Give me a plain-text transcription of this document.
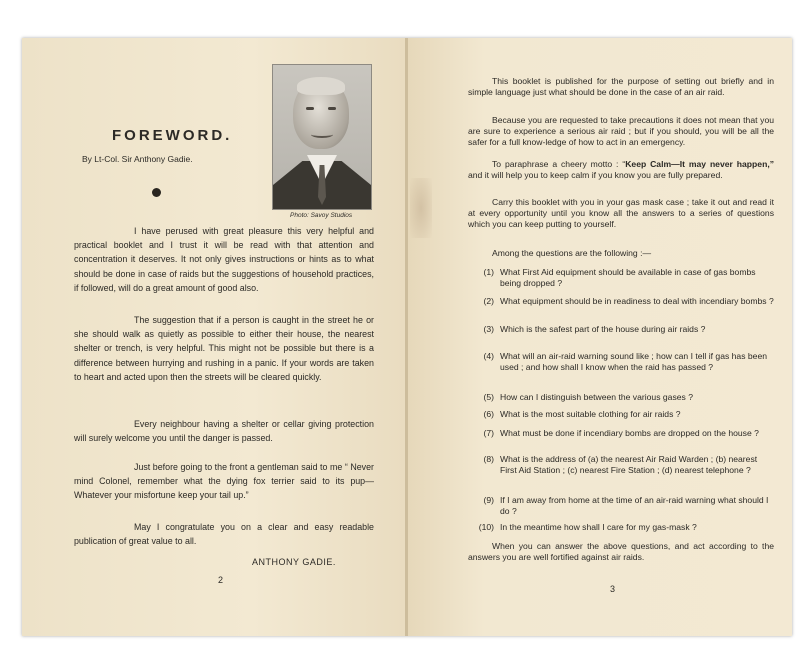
FOREWORD.
By Lt-Col. Sir Anthony Gadie.
Photo: Savoy Studios

I have perused with great pleasure this very helpful and practical booklet and I trust it will be read with that attention and concentration it deserves. It not only gives instructions or hints as to what should be done in case of raids but the suggestions of household practices, if followed, will do a great amount of good also.

The suggestion that if a person is caught in the street he or she should walk as quietly as possible to either their house, the nearest shelter or trench, is very helpful. This might not be possible but there is a difference between hurrying and rushing in a panic. If your words are taken to heart and acted upon then the streets will be cleared quickly.

Every neighbour having a shelter or cellar giving protection will surely welcome you until the danger is passed.

Just before going to the front a gentleman said to me “ Never mind Colonel, remember what the dying fox terrier said to its pup—Whatever your misfortune keep your tail up.”

May I congratulate you on a clear and easy readable publication of great value to all.

ANTHONY GADIE.
2

This booklet is published for the purpose of setting out briefly and in simple language just what should be done in the case of an air raid.

Because you are requested to take precautions it does not mean that you are sure to experience a serious air raid ; but if you should, you will be all the safer for a full know-ledge of how to act in an emergency.

To paraphrase a cheery motto : “Keep Calm—It may never happen,” and it will help you to keep calm if you know you are fully prepared.

Carry this booklet with you in your gas mask case ; take it out and read it at every opportunity until you know all the answers to a series of questions which you can keep putting to yourself.

Among the questions are the following :—

(1) What First Aid equipment should be available in case of gas bombs being dropped ?
(2) What equipment should be in readiness to deal with incendiary bombs ?
(3) Which is the safest part of the house during air raids ?
(4) What will an air-raid warning sound like ; how can I tell if gas has been used ; and how shall I know when the raid has passed ?
(5) How can I distinguish between the various gases ?
(6) What is the most suitable clothing for air raids ?
(7) What must be done if incendiary bombs are dropped on the house ?
(8) What is the address of (a) the nearest Air Raid Warden ; (b) nearest First Aid Station ; (c) nearest Fire Station ; (d) nearest telephone ?
(9) If I am away from home at the time of an air-raid warning what should I do ?
(10) In the meantime how shall I care for my gas-mask ?

When you can answer the above questions, and act according to the answers you are well fortified against air raids.

3
